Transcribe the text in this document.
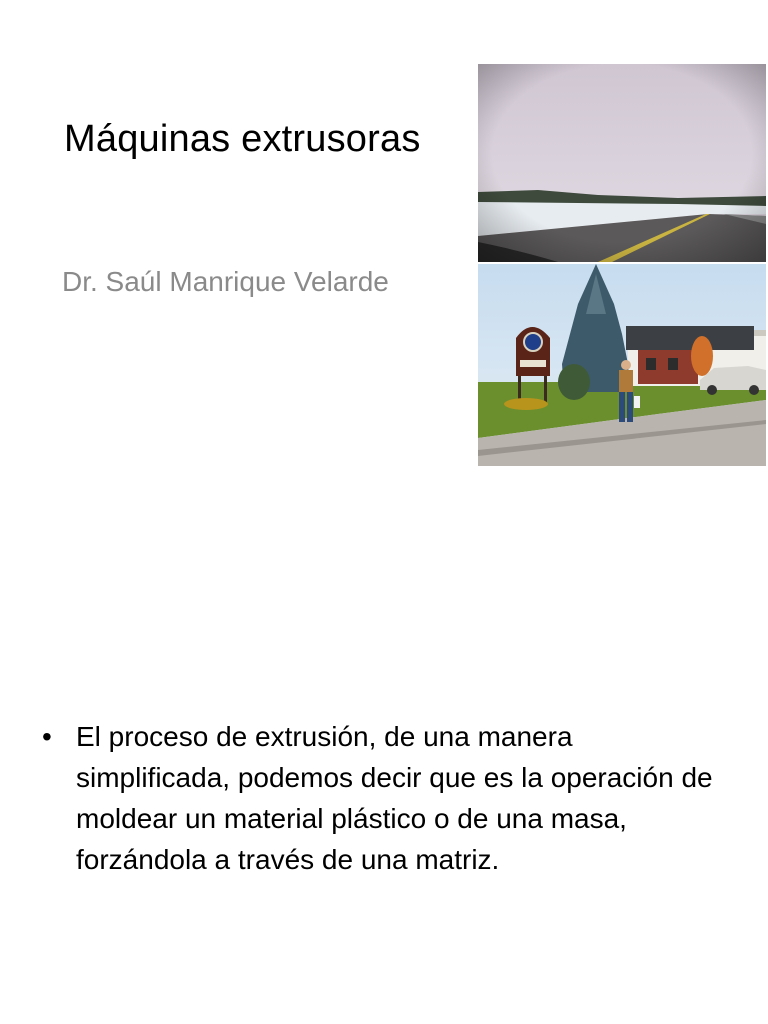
Máquinas extrusoras
Dr. Saúl Manrique Velarde
• El proceso de extrusión, de una manera simplificada, podemos decir que es la operación de moldear un material plástico o de una masa, forzándola a través de una matriz.
